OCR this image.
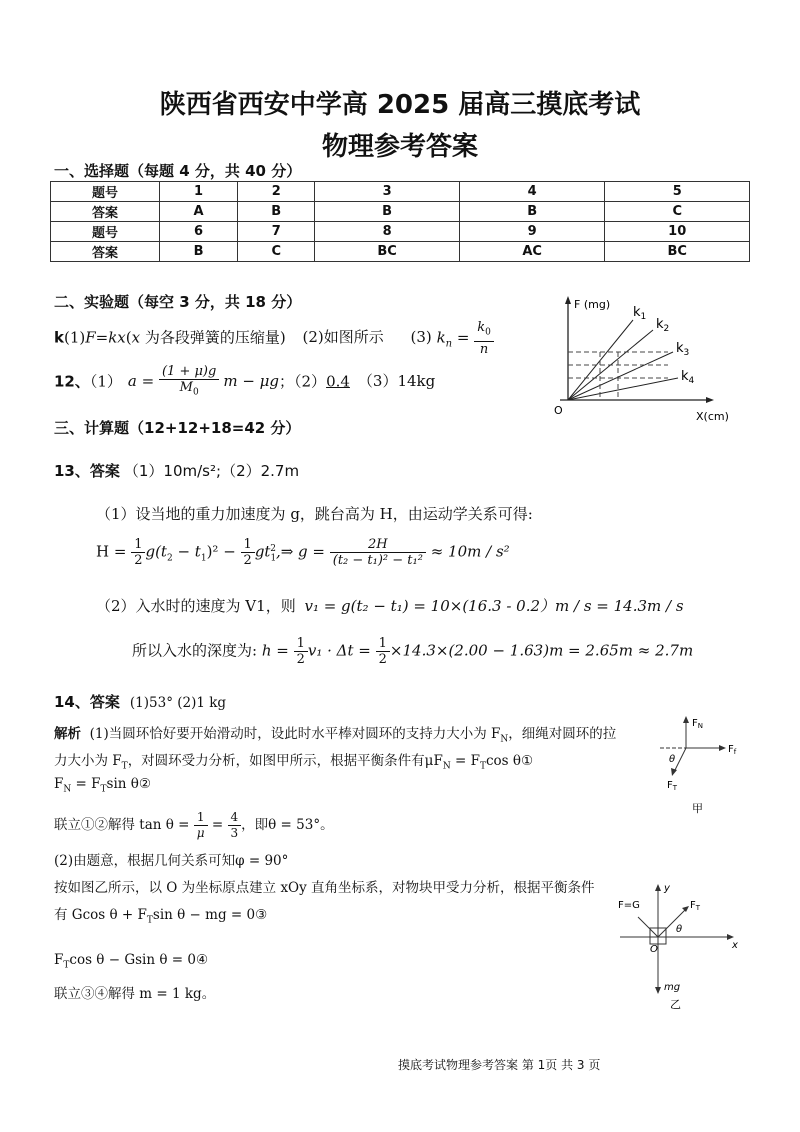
陕西省西安中学高 2025 届高三摸底考试
物理参考答案
一、选择题（每题 4 分，共 40 分）
题号	1	2	3	4	5
答案	A	B	B	B	C
题号	6	7	8	9	10
答案	B	C	BC	AC	BC
二、实验题（每空 3 分，共 18 分）
k(1)F=kx(x 为各段弹簧的压缩量) (2)如图所示 (3) $k_n = \frac{k_0}{n}$
12、（1） $a = \frac{(1 + \mu)g}{M_0}$ m − μg；（2）0.4 （3）14kg
F (mg)
X(cm)
O
$k_1$ $k_2$
$k_3$
$k_4$
三、计算题（12+12+18=42 分）
13、答案 （1）10m/s²;（2）2.7m
（1）设当地的重力加速度为 g，跳台高为 H，由运动学关系可得:
$H = \frac{1}{2} g(t_2 - t_1)^2 - \frac{1}{2}$ $gt_1^2,\Rightarrow$ $g = \frac{2H}{\text{(t₂ − t₁)² − t₁²}} \approx 10m / s^2$
（2）入水时的速度为 V1，则 v₁ = g(t₂ − t₁) = 10×(16.3 - 0.2）m / s = 14.3m / s
所以入水的深度为: $h = \frac{1}{2} v_1 \cdot \Delta t = \frac{1}{2} \times 14.3\times(2.00 - 1.63)m = 2.65m \approx 2.7m$
14、答案 (1)53° (2)1 kg
解析 (1)当圆环恰好要开始滑动时，设此时水平棒对圆环的支持力大小为 $F_N$，细绳对圆环的拉
力大小为 $F_T$，对圆环受力分析，如图甲所示，根据平衡条件有$\mu F_N = F_T\cos$ θ①
$F_N = F_T\sin$ θ②
联立①②解得 $\tan \theta = \frac{1}{\mu} = \frac{4}{3}$ ，即θ = 53°。
(2)由题意，根据几何关系可知φ = 90°
按如图乙所示，以 O 为坐标原点建立 xOy 直角坐标系，对物块甲受力分析，根据平衡条件
有 Gcos $\theta + F_T\sin$ θ − mg = 0③
$F_T\cos$ θ − Gsin θ = 0④
联立③④解得 m = 1 kg。
$F_N$
$F_f$
$F_T$
θ
甲
y
x
F=G	$F_T$
θ
O
mg
乙
摸底考试物理参考答案 第 1页 共 3 页
